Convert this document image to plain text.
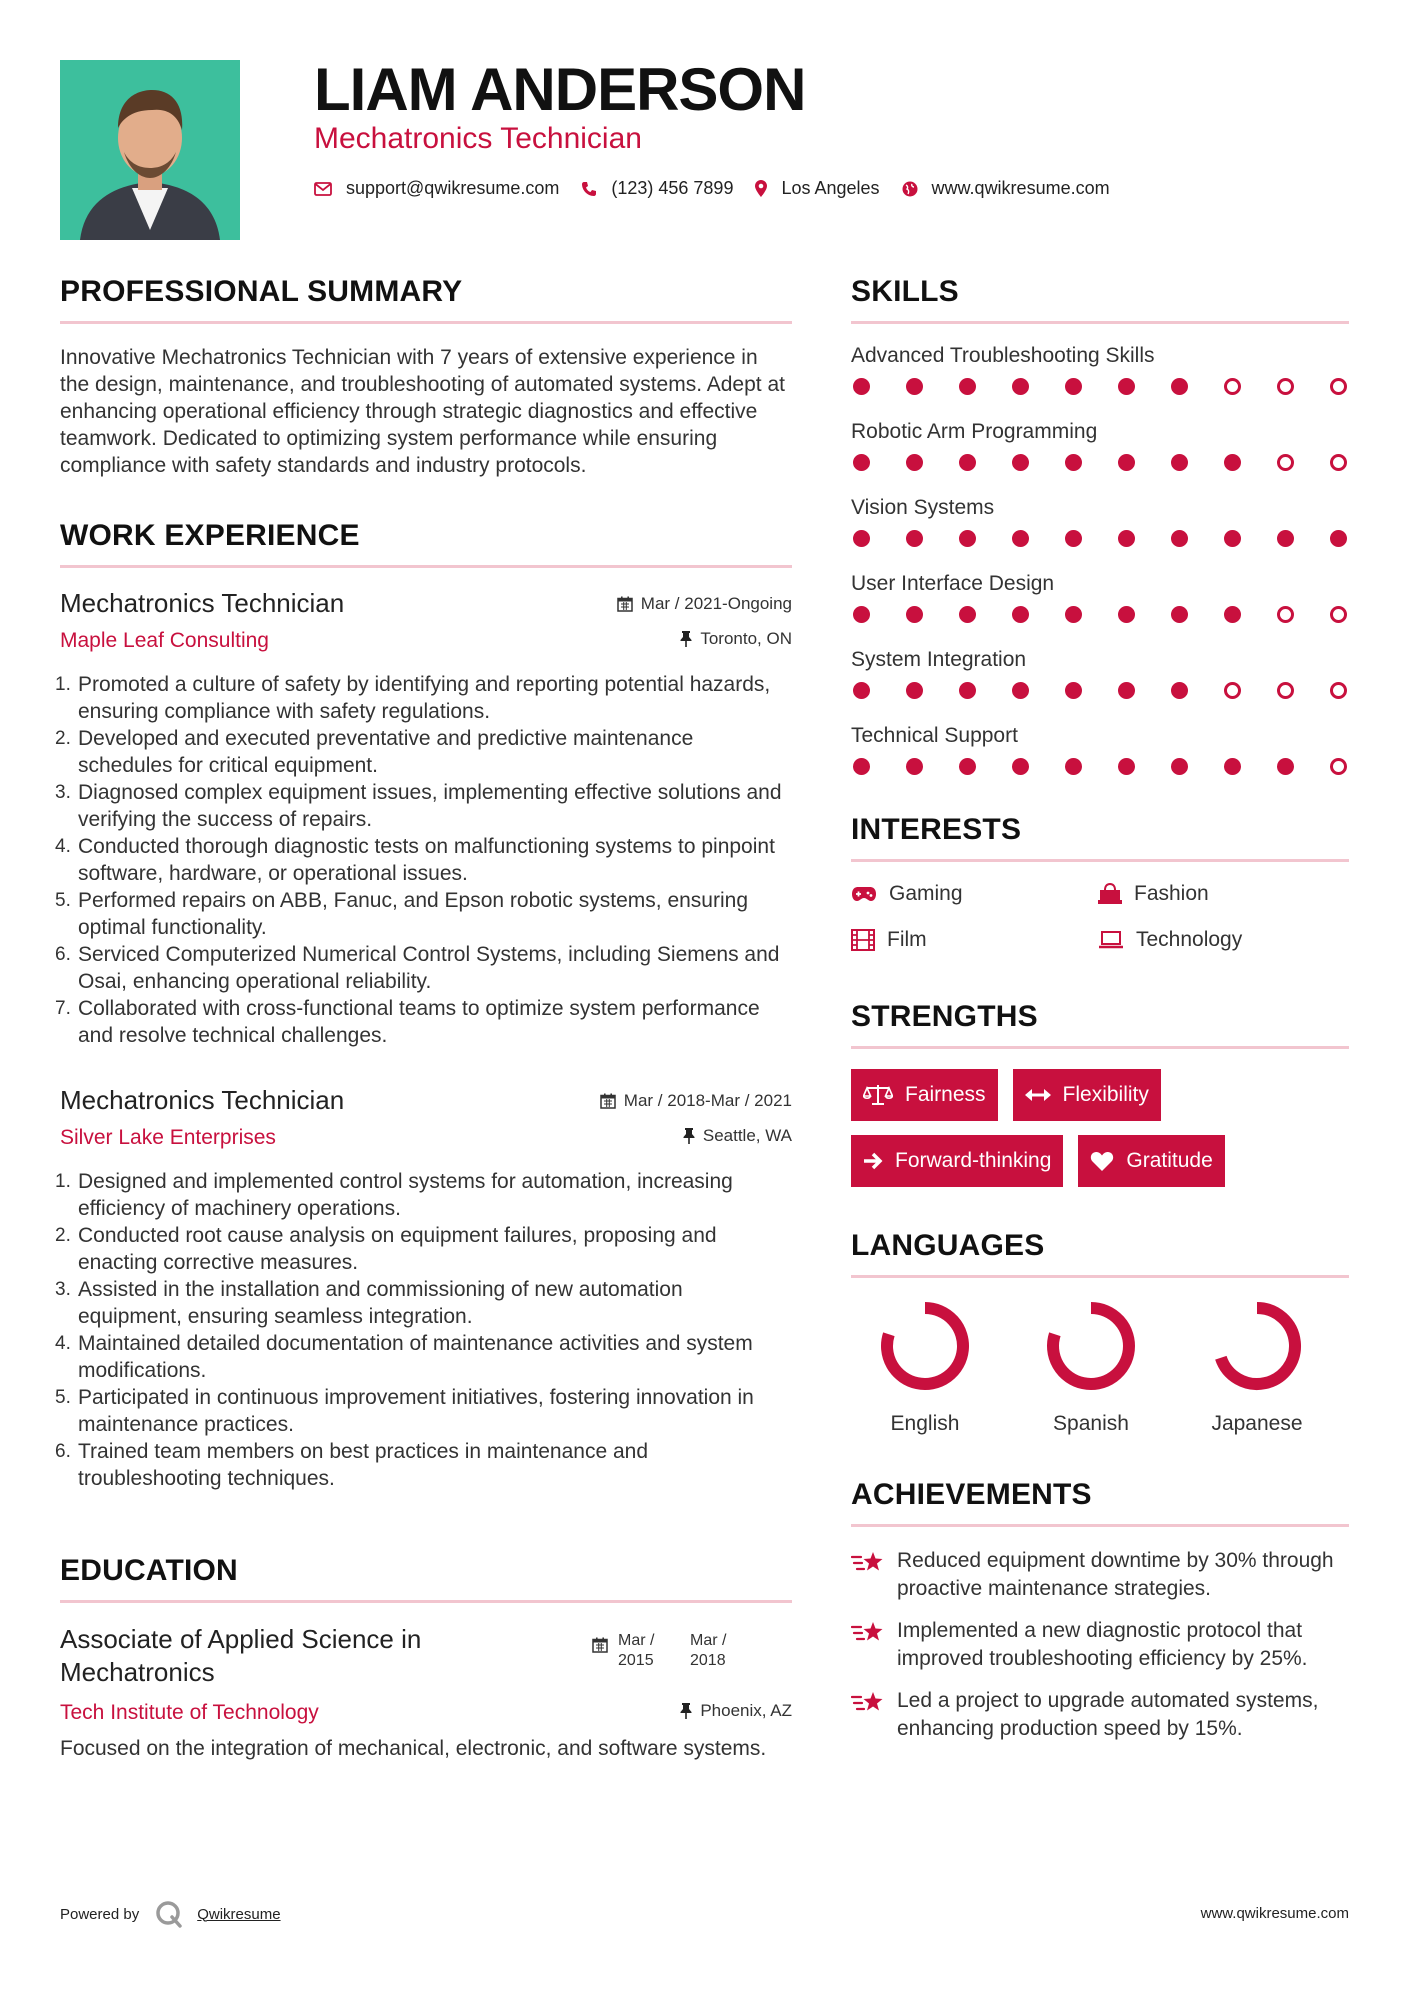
LIAM ANDERSON
Mechatronics Technician
support@qwikresume.com	(123) 456 7899	Los Angeles	www.qwikresume.com
PROFESSIONAL SUMMARY

Innovative Mechatronics Technician with 7 years of extensive experience in the design, maintenance, and troubleshooting of automated systems. Adept at enhancing operational efficiency through strategic diagnostics and effective teamwork. Dedicated to optimizing system performance while ensuring compliance with safety standards and industry protocols.

WORK EXPERIENCE
Mechatronics Technician	Mar / 2021-Ongoing
Maple Leaf Consulting	Toronto, ON
Promoted a culture of safety by identifying and reporting potential hazards, ensuring compliance with safety regulations.
Developed and executed preventative and predictive maintenance schedules for critical equipment.
Diagnosed complex equipment issues, implementing effective solutions and verifying the success of repairs.
Conducted thorough diagnostic tests on malfunctioning systems to pinpoint software, hardware, or operational issues.
Performed repairs on ABB, Fanuc, and Epson robotic systems, ensuring optimal functionality.
Serviced Computerized Numerical Control Systems, including Siemens and Osai, enhancing operational reliability.
Collaborated with cross-functional teams to optimize system performance and resolve technical challenges.
Mechatronics Technician	Mar / 2018-Mar / 2021
Silver Lake Enterprises	Seattle, WA
Designed and implemented control systems for automation, increasing efficiency of machinery operations.
Conducted root cause analysis on equipment failures, proposing and enacting corrective measures.
Assisted in the installation and commissioning of new automation equipment, ensuring seamless integration.
Maintained detailed documentation of maintenance activities and system modifications.
Participated in continuous improvement initiatives, fostering innovation in maintenance practices.
Trained team members on best practices in maintenance and troubleshooting techniques.
EDUCATION
Associate of Applied Science in Mechatronics
Mar / 2015
Mar / 2018
Tech Institute of Technology	Phoenix, AZ

Focused on the integration of mechanical, electronic, and software systems.

SKILLS
Advanced Troubleshooting Skills
Robotic Arm Programming
Vision Systems
User Interface Design
System Integration
Technical Support
INTERESTS
Gaming	Fashion
Film	Technology
STRENGTHS
Fairness	Flexibility
Forward-thinking	Gratitude
LANGUAGES
English	Spanish	Japanese
ACHIEVEMENTS
Reduced equipment downtime by 30% through proactive maintenance strategies.
Implemented a new diagnostic protocol that improved troubleshooting efficiency by 25%.
Led a project to upgrade automated systems, enhancing production speed by 15%.
Powered by	Qwikresume	www.qwikresume.com
